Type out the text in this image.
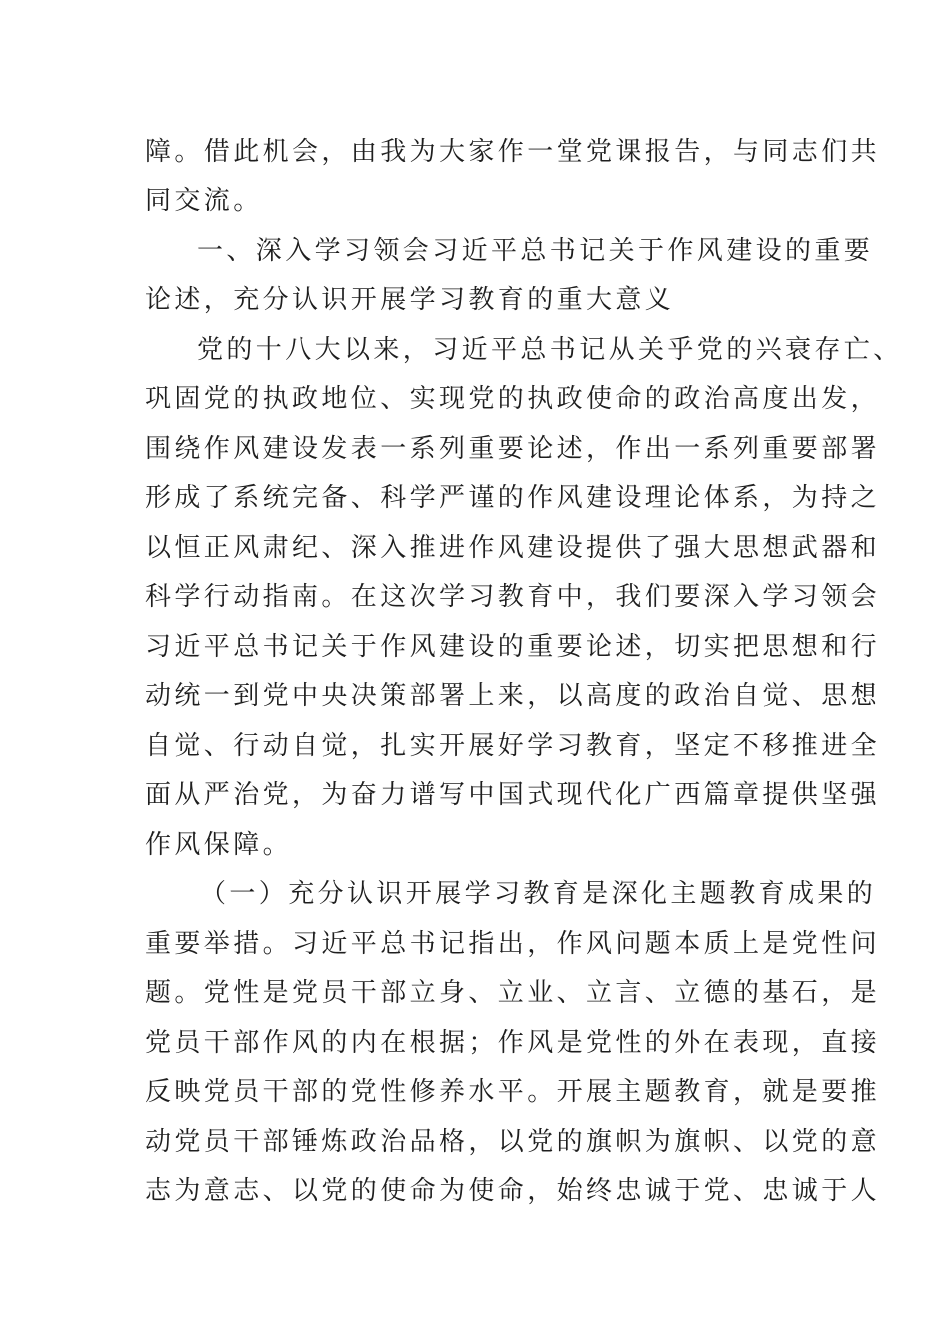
障。借此机会，由我为大家作一堂党课报告，与同志们共
同交流。
一、深入学习领会习近平总书记关于作风建设的重要
论述，充分认识开展学习教育的重大意义
党的十八大以来，习近平总书记从关乎党的兴衰存亡、
巩固党的执政地位、实现党的执政使命的政治高度出发，
围绕作风建设发表一系列重要论述，作出一系列重要部署
形成了系统完备、科学严谨的作风建设理论体系，为持之
以恒正风肃纪、深入推进作风建设提供了强大思想武器和
科学行动指南。在这次学习教育中，我们要深入学习领会
习近平总书记关于作风建设的重要论述，切实把思想和行
动统一到党中央决策部署上来，以高度的政治自觉、思想
自觉、行动自觉，扎实开展好学习教育，坚定不移推进全
面从严治党，为奋力谱写中国式现代化广西篇章提供坚强
作风保障。
（一）充分认识开展学习教育是深化主题教育成果的
重要举措。习近平总书记指出，作风问题本质上是党性问
题。党性是党员干部立身、立业、立言、立德的基石，是
党员干部作风的内在根据；作风是党性的外在表现，直接
反映党员干部的党性修养水平。开展主题教育，就是要推
动党员干部锤炼政治品格，以党的旗帜为旗帜、以党的意
志为意志、以党的使命为使命，始终忠诚于党、忠诚于人
